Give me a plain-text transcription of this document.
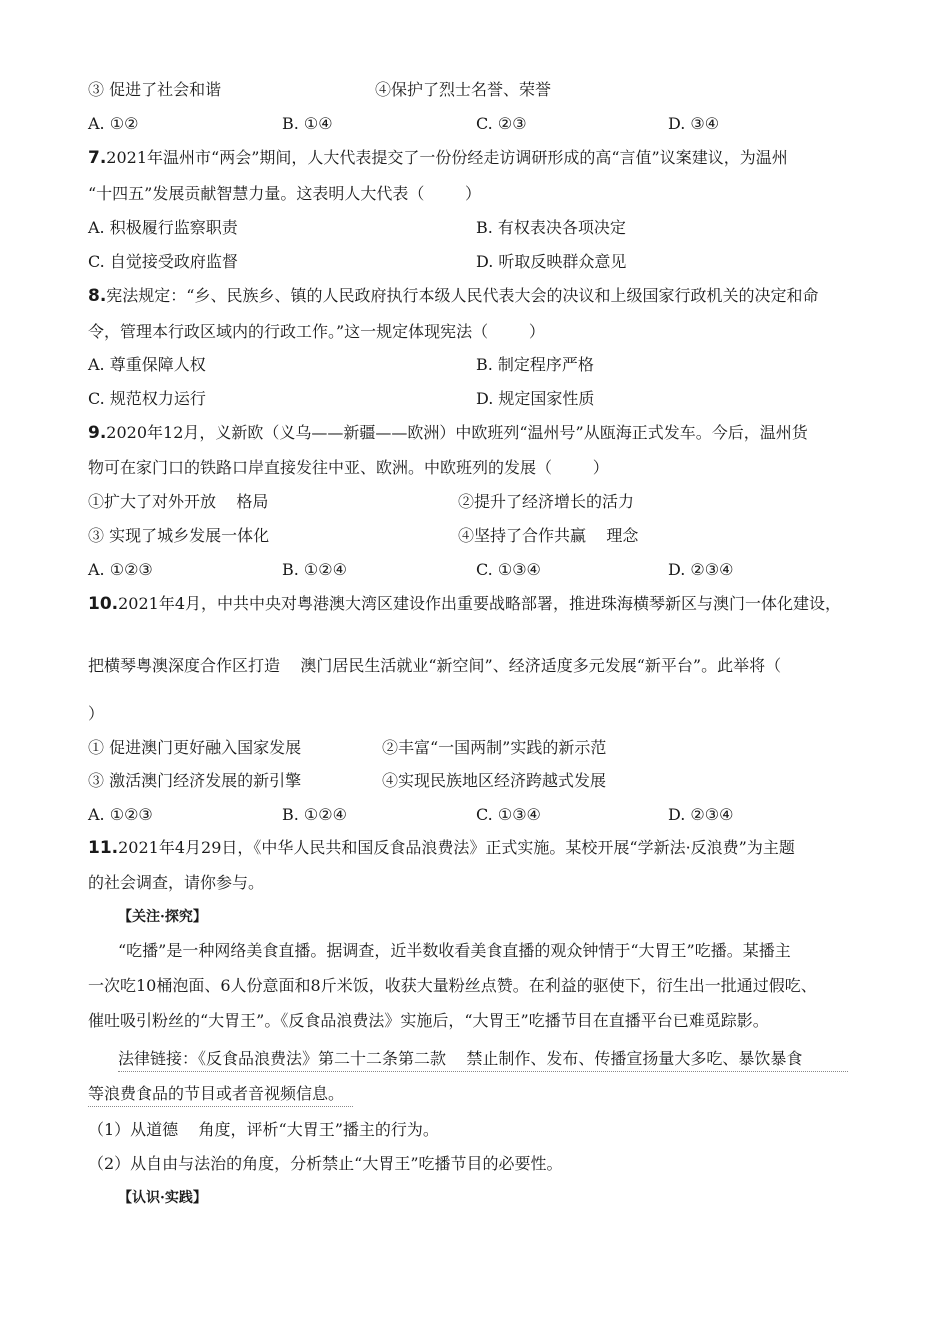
③ 促进了社会和谐	④保护了烈士名誉、荣誉
A. ①②	B. ①④	C. ②③	D. ③④
7.2021年温州市“两会”期间，人大代表提交了一份份经走访调研形成的高“言值”议案建议，为温州
“十四五”发展贡献智慧力量。这表明人大代表（        ）
A. 积极履行监察职责	B. 有权表决各项决定
C. 自觉接受政府监督	D. 听取反映群众意见
8.宪法规定：“乡、民族乡、镇的人民政府执行本级人民代表大会的决议和上级国家行政机关的决定和命
令，管理本行政区域内的行政工作。”这一规定体现宪法（        ）
A. 尊重保障人权	B. 制定程序严格
C. 规范权力运行	D. 规定国家性质
9.2020年12月，义新欧（义乌——新疆——欧洲）中欧班列“温州号”从瓯海正式发车。今后，温州货
物可在家门口的铁路口岸直接发往中亚、欧洲。中欧班列的发展（        ）
①扩大了对外开放    格局	②提升了经济增长的活力
③ 实现了城乡发展一体化	④坚持了合作共赢    理念
A. ①②③	B. ①②④	C. ①③④	D. ②③④
10.2021年4月，中共中央对粤港澳大湾区建设作出重要战略部署，推进珠海横琴新区与澳门一体化建设，
把横琴粤澳深度合作区打造    澳门居民生活就业“新空间”、经济适度多元发展“新平台”。此举将（
）
① 促进澳门更好融入国家发展	②丰富“一国两制”实践的新示范
③ 激活澳门经济发展的新引擎	④实现民族地区经济跨越式发展
A. ①②③	B. ①②④	C. ①③④	D. ②③④
11.2021年4月29日，《中华人民共和国反食品浪费法》正式实施。某校开展“学新法·反浪费”为主题
的社会调查，请你参与。
【关注·探究】
“吃播”是一种网络美食直播。据调查，近半数收看美食直播的观众钟情于“大胃王”吃播。某播主
一次吃10桶泡面、6人份意面和8斤米饭，收获大量粉丝点赞。在利益的驱使下，衍生出一批通过假吃、
催吐吸引粉丝的“大胃王”。《反食品浪费法》实施后，“大胃王”吃播节目在直播平台已难觅踪影。
法律链接：《反食品浪费法》第二十二条第二款    禁止制作、发布、传播宣扬量大多吃、暴饮暴食
等浪费食品的节目或者音视频信息。
（1）从道德    角度，评析“大胃王”播主的行为。
（2）从自由与法治的角度，分析禁止“大胃王”吃播节目的必要性。
【认识·实践】
